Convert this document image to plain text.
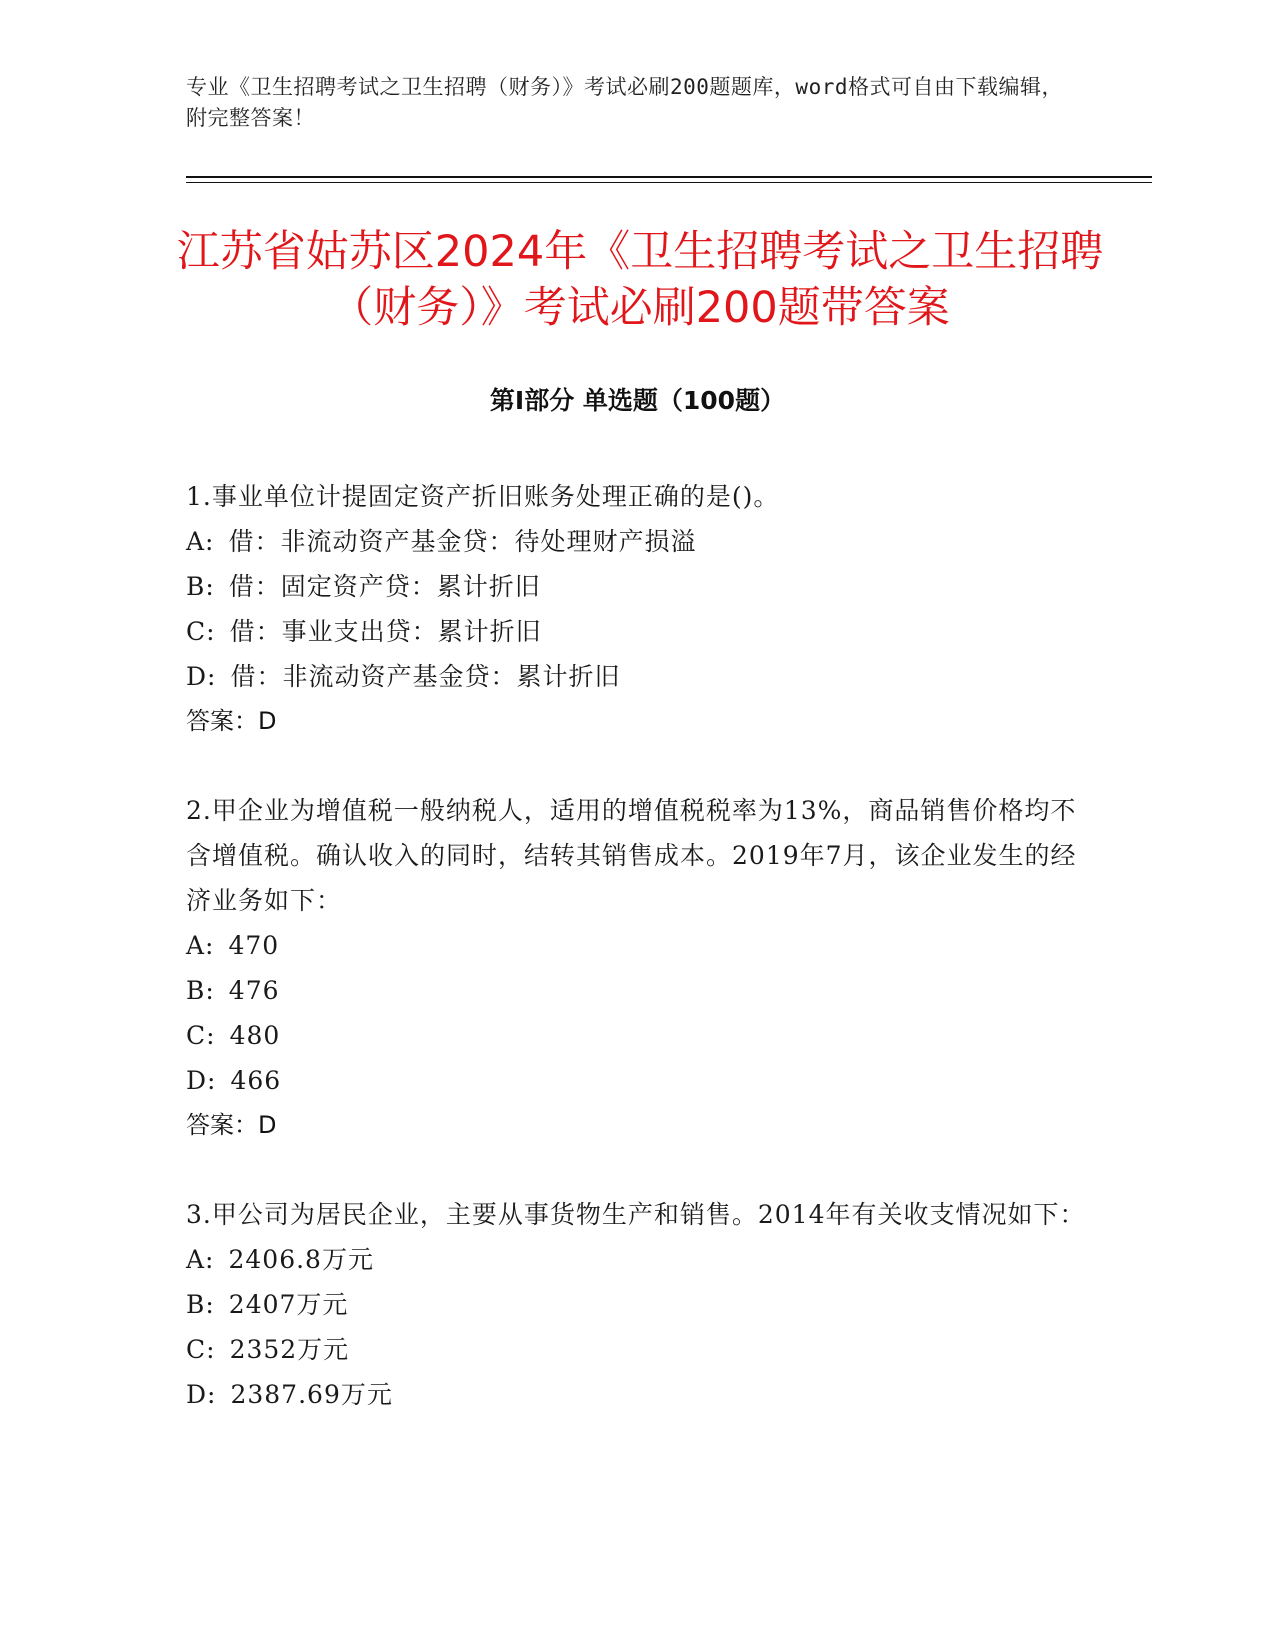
专业《卫生招聘考试之卫生招聘（财务）》考试必刷200题题库，word格式可自由下载编辑，附完整答案！
江苏省姑苏区2024年《卫生招聘考试之卫生招聘（财务）》考试必刷200题带答案
第Ⅰ部分 单选题（100题）
1.事业单位计提固定资产折旧账务处理正确的是()。
A: 借：非流动资产基金贷：待处理财产损溢
B: 借：固定资产贷：累计折旧
C: 借：事业支出贷：累计折旧
D: 借：非流动资产基金贷：累计折旧
答案：D
2.甲企业为增值税一般纳税人，适用的增值税税率为13%，商品销售价格均不含增值税。确认收入的同时，结转其销售成本。2019年7月，该企业发生的经济业务如下：
A: 470
B: 476
C: 480
D: 466
答案：D
3.甲公司为居民企业，主要从事货物生产和销售。2014年有关收支情况如下：
A: 2406.8万元
B: 2407万元
C: 2352万元
D: 2387.69万元
